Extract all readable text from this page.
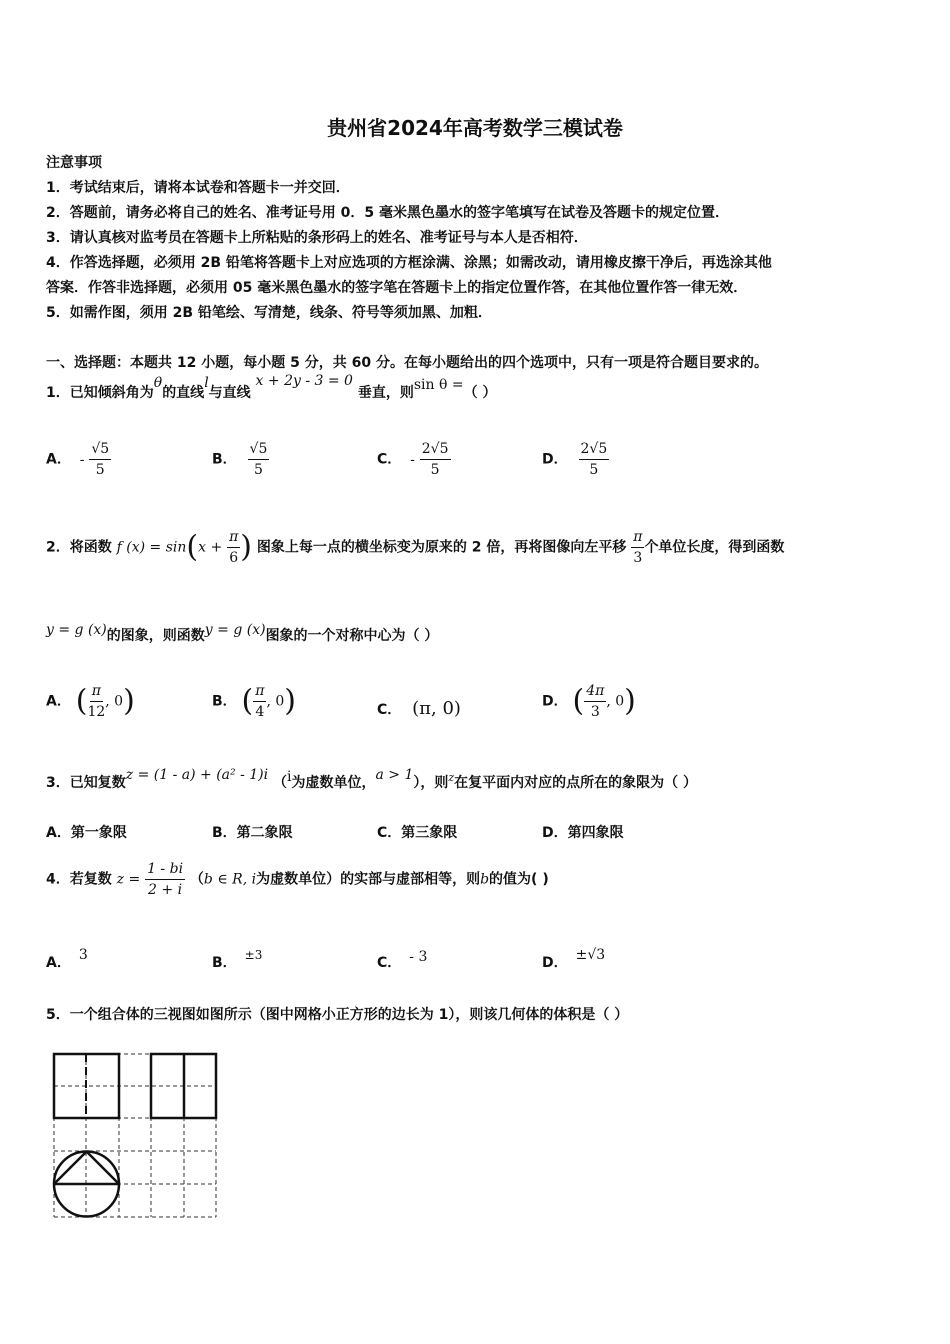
贵州省2024年高考数学三模试卷
注意事项
1．考试结束后，请将本试卷和答题卡一并交回．
2．答题前，请务必将自己的姓名、准考证号用 0．5 毫米黑色墨水的签字笔填写在试卷及答题卡的规定位置．
3．请认真核对监考员在答题卡上所粘贴的条形码上的姓名、准考证号与本人是否相符．
4．作答选择题，必须用 2B 铅笔将答题卡上对应选项的方框涂满、涂黑；如需改动，请用橡皮擦干净后，再选涂其他
答案．作答非选择题，必须用 05 毫米黑色墨水的签字笔在答题卡上的指定位置作答，在其他位置作答一律无效．
5．如需作图，须用 2B 铅笔绘、写清楚，线条、符号等须加黑、加粗．
一、选择题：本题共 12 小题，每小题 5 分，共 60 分。在每小题给出的四个选项中，只有一项是符合题目要求的。
1．已知倾斜角为θ的直线l与直线 x + 2y - 3 = 0 垂直，则sin θ =（ ）
A． - $\frac{√5}{5}$	B． $\frac{√5}{5}$	C． - $\frac{2√5}{5}$	D． $\frac{2√5}{5}$
2．将函数 f $(x) = \sin(x + \frac{\pi}{6}$ ) 图象上每一点的横坐标变为原来的 2 倍，再将图像向左平移 $\frac{\pi}{3}$ 个单位长度，得到函数
y = g (x)的图象，则函数y = g (x)图象的一个对称中心为（ ）
A． ( $\frac{\pi}{12}$ , 0)	B． ( $\frac{\pi}{4}$ , 0)	C． (π, 0)	D． ( $\frac{4\pi}{3}$ , 0)
3．已知复数z = (1 - a) + (a² - 1)i （i为虚数单位，a > 1），则$^z$在复平面内对应的点所在的象限为（ ）
A．第一象限	B．第二象限	C．第三象限	D．第四象限
4．若复数 $z = \frac{1 - bi}{2 + i} (b$ ∈ R, i为虚数单位）的实部与虚部相等，则b的值为( )
A． 3	B． ±3	C． - 3	D． ±√3
5．一个组合体的三视图如图所示（图中网格小正方形的边长为 1），则该几何体的体积是（ ）
